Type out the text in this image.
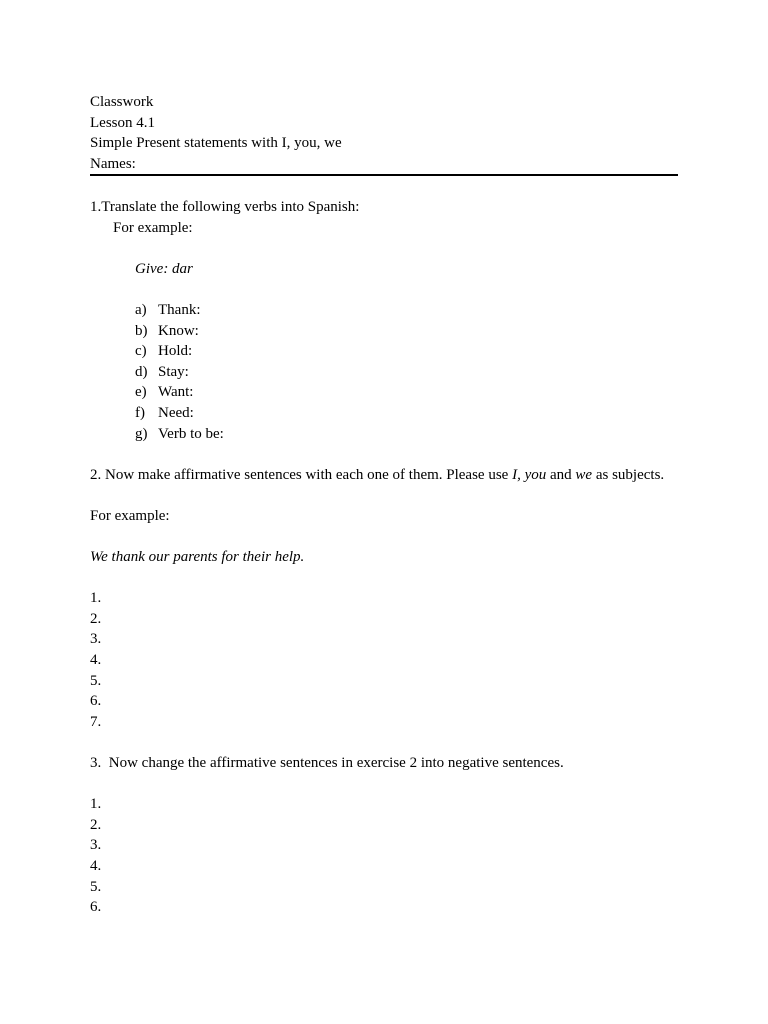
Classwork
Lesson 4.1
Simple Present statements with I, you, we
Names:
1.Translate the following verbs into Spanish:
For example:
Give: dar
a) Thank:
b) Know:
c) Hold:
d) Stay:
e) Want:
f) Need:
g) Verb to be:
2. Now make affirmative sentences with each one of them. Please use I, you and we as subjects.
For example:
We thank our parents for their help.
1.
2.
3.
4.
5.
6.
7.
3.  Now change the affirmative sentences in exercise 2 into negative sentences.
1.
2.
3.
4.
5.
6.
